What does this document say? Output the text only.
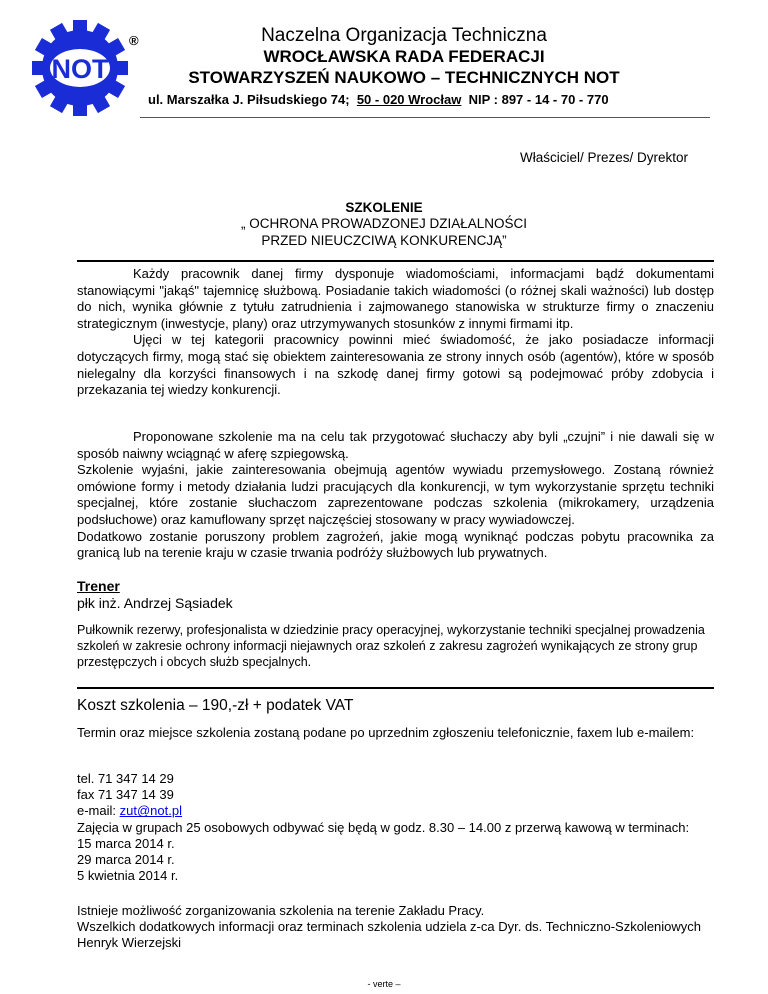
NOT
®	Naczelna Organizacja Techniczna
WROCŁAWSKA RADA FEDERACJI
STOWARZYSZEŃ NAUKOWO – TECHNICZNYCH NOT
ul. Marszałka J. Piłsudskiego 74; 50 - 020 Wrocław NIP : 897 - 14 - 70 - 770
Właściciel/ Prezes/ Dyrektor
SZKOLENIE
„ OCHRONA PROWADZONEJ DZIAŁALNOŚCI
PRZED NIEUCZCIWĄ KONKURENCJĄ”

Każdy pracownik danej firmy dysponuje wiadomościami, informacjami bądź dokumentami stanowiącymi "jakąś" tajemnicę służbową. Posiadanie takich wiadomości (o różnej skali ważności) lub dostęp do nich, wynika głównie z tytułu zatrudnienia i zajmowanego stanowiska w strukturze firmy o znaczeniu strategicznym (inwestycje, plany) oraz utrzymywanych stosunków z innymi firmami itp.

Ujęci w tej kategorii pracownicy powinni mieć świadomość, że jako posiadacze informacji dotyczących firmy, mogą stać się obiektem zainteresowania ze strony innych osób (agentów), które w sposób nielegalny dla korzyści finansowych i na szkodę danej firmy gotowi są podejmować próby zdobycia i przekazania tej wiedzy konkurencji.

Proponowane szkolenie ma na celu tak przygotować słuchaczy aby byli „czujni” i nie dawali się w sposób naiwny wciągnąć w aferę szpiegowską.

Szkolenie wyjaśni, jakie zainteresowania obejmują agentów wywiadu przemysłowego. Zostaną również omówione formy i metody działania ludzi pracujących dla konkurencji, w tym wykorzystanie sprzętu techniki specjalnej, które zostanie słuchaczom zaprezentowane podczas szkolenia (mikrokamery, urządzenia podsłuchowe) oraz kamuflowany sprzęt najczęściej stosowany w pracy wywiadowczej.

Dodatkowo zostanie poruszony problem zagrożeń, jakie mogą wyniknąć podczas pobytu pracownika za granicą lub na terenie kraju w czasie trwania podróży służbowych lub prywatnych.

Trener
płk inż. Andrzej Sąsiadek
Pułkownik rezerwy, profesjonalista w dziedzinie pracy operacyjnej, wykorzystanie techniki specjalnej prowadzenia szkoleń w zakresie ochrony informacji niejawnych oraz szkoleń z zakresu zagrożeń wynikających ze strony grup przestępczych i obcych służb specjalnych.
Koszt szkolenia – 190,-zł + podatek VAT
Termin oraz miejsce szkolenia zostaną podane po uprzednim zgłoszeniu telefonicznie, faxem lub e-mailem:

tel. 71 347 14 29

fax 71 347 14 39

e-mail: zut@not.pl

Zajęcia w grupach 25 osobowych odbywać się będą w godz. 8.30 – 14.00 z przerwą kawową w terminach:

15 marca 2014 r.

29 marca 2014 r.

5 kwietnia 2014 r.

Istnieje możliwość zorganizowania szkolenia na terenie Zakładu Pracy.

Wszelkich dodatkowych informacji oraz terminach szkolenia udziela z-ca Dyr. ds. Techniczno-Szkoleniowych Henryk Wierzejski

- verte –
